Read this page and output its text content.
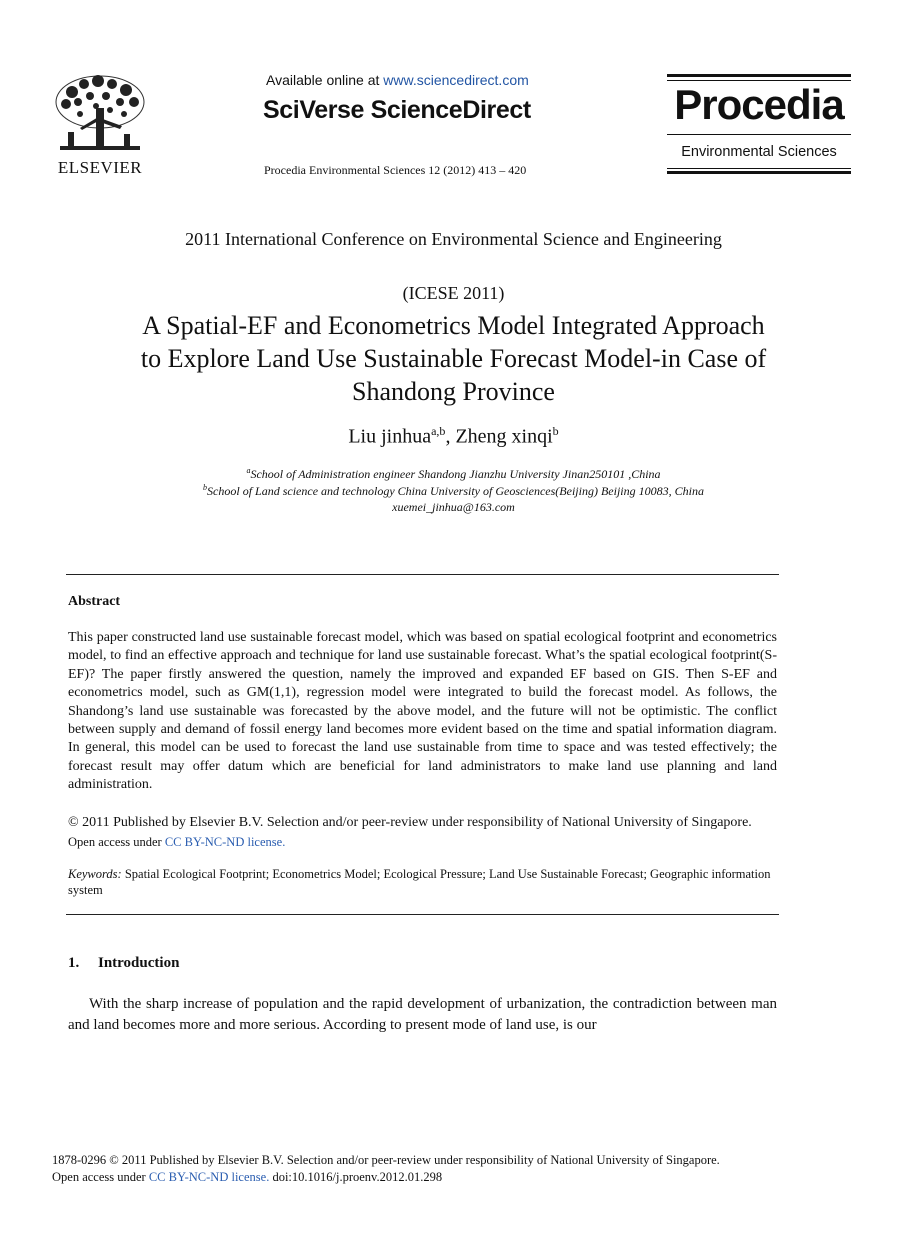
ELSEVIER
Available online at www.sciencedirect.com
SciVerse ScienceDirect
Procedia Environmental Sciences 12 (2012) 413 – 420
Procedia
Environmental Sciences
2011 International Conference on Environmental Science and Engineering
(ICESE 2011)
A Spatial-EF and Econometrics Model Integrated Approach
to Explore Land Use Sustainable Forecast Model-in Case of
Shandong Province
Liu jinhua$^{a,b}$, Zheng xinqi$^b$
$^a$School of Administration engineer Shandong Jianzhu University Jinan250101 ,China
$^b$School of Land science and technology China University of Geosciences(Beijing) Beijing 10083, China
xuemei_jinhua@163.com
Abstract
This paper constructed land use sustainable forecast model, which was based on spatial ecological footprint and econometrics model, to find an effective approach and technique for land use sustainable forecast. What’s the spatial ecological footprint(S-EF)? The paper firstly answered the question, namely the improved and expanded EF based on GIS. Then S-EF and econometrics model, such as GM(1,1), regression model were integrated to build the forecast model. As follows, the Shandong’s land use sustainable was forecasted by the above model, and the future will not be optimistic. The conflict between supply and demand of fossil energy land becomes more evident based on the time and spatial information diagram. In general, this model can be used to forecast the land use sustainable from time to space and was tested effectively; the forecast result may offer datum which are beneficial for land administrators to make land use planning and land administration.
© 2011 Published by Elsevier B.V. Selection and/or peer-review under responsibility of National University of Singapore.
Open access under CC BY-NC-ND license.
Keywords: Spatial Ecological Footprint; Econometrics Model; Ecological Pressure; Land Use Sustainable Forecast; Geographic information system
1. Introduction
With the sharp increase of population and the rapid development of urbanization, the contradiction between man and land becomes more and more serious. According to present mode of land use, is our
1878-0296 © 2011 Published by Elsevier B.V. Selection and/or peer-review under responsibility of National University of Singapore.
Open access under CC BY-NC-ND license. doi:10.1016/j.proenv.2012.01.298
